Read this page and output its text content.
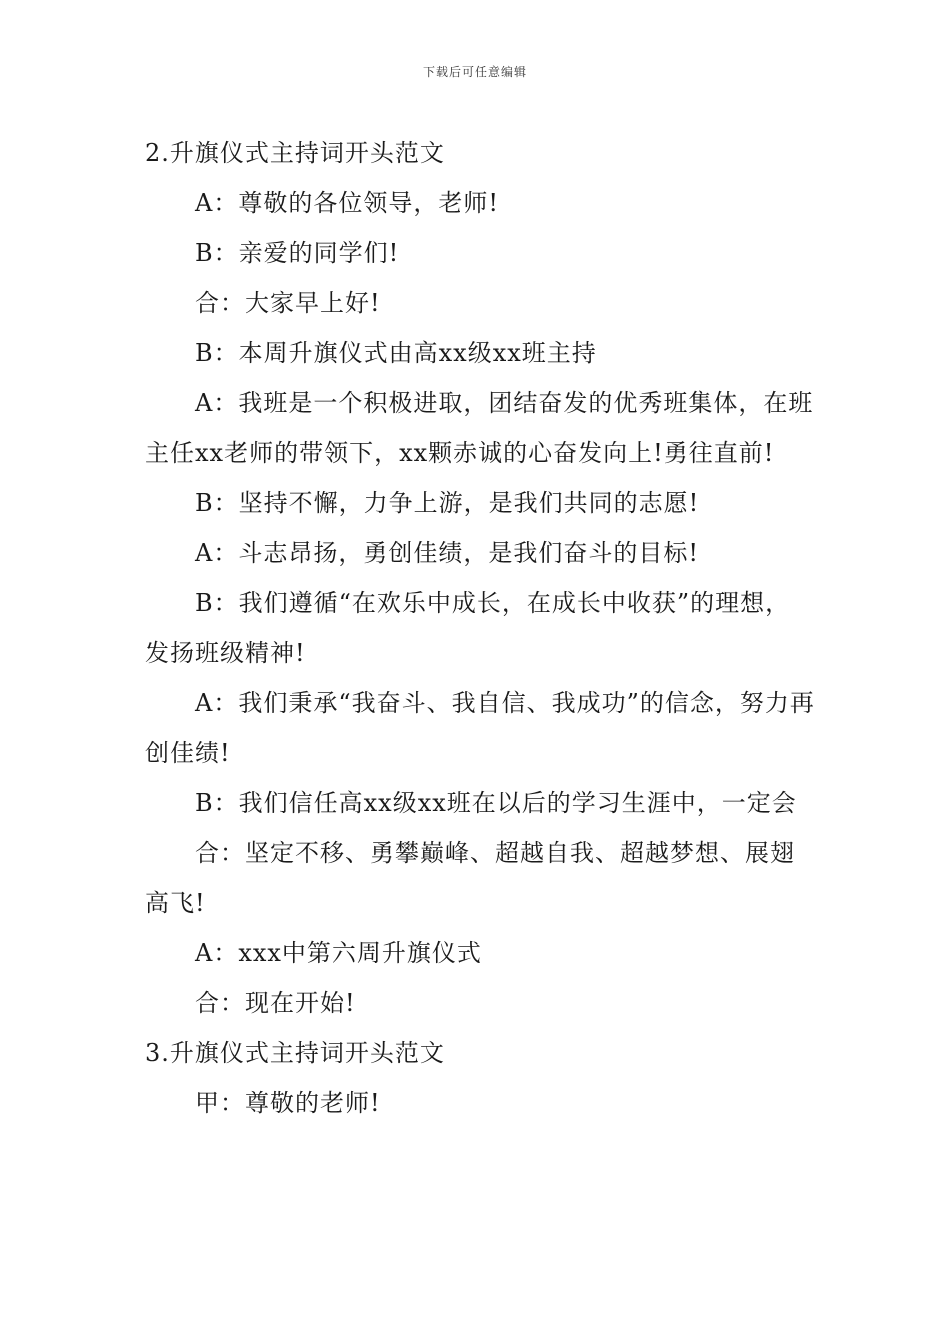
下载后可任意编辑

2.升旗仪式主持词开头范文

A：尊敬的各位领导，老师!

B：亲爱的同学们!

合：大家早上好!

B：本周升旗仪式由高xx级xx班主持

A：我班是一个积极进取，团结奋发的优秀班集体，在班主任xx老师的带领下，xx颗赤诚的心奋发向上!勇往直前!

B：坚持不懈，力争上游，是我们共同的志愿!

A：斗志昂扬，勇创佳绩，是我们奋斗的目标!

B：我们遵循“在欢乐中成长，在成长中收获”的理想，发扬班级精神!

A：我们秉承“我奋斗、我自信、我成功”的信念，努力再创佳绩!

B：我们信任高xx级xx班在以后的学习生涯中，一定会

合：坚定不移、勇攀巅峰、超越自我、超越梦想、展翅高飞!

A：xxx中第六周升旗仪式

合：现在开始!

3.升旗仪式主持词开头范文

甲：尊敬的老师!
